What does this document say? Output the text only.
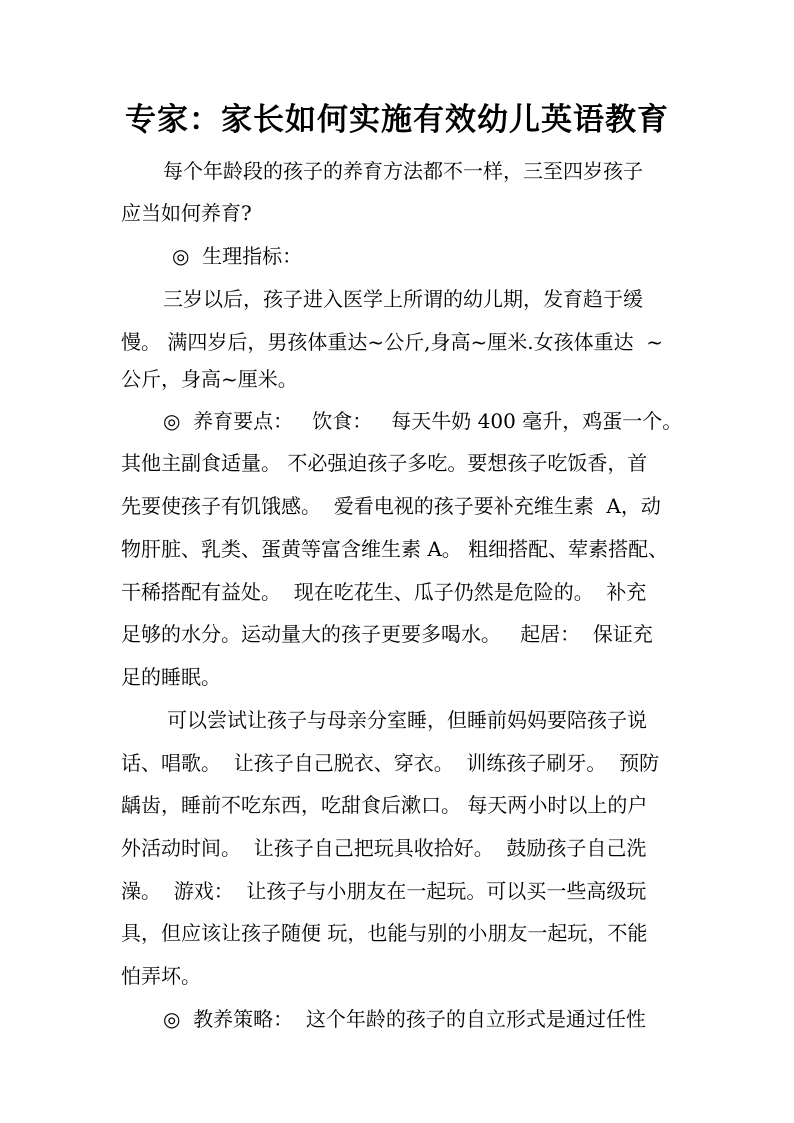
专家：家长如何实施有效幼儿英语教育
每个年龄段的孩子的养育方法都不一样，三至四岁孩子
应当如何养育?
◎  生理指标：
三岁以后，孩子进入医学上所谓的幼儿期，发育趋于缓
慢。 满四岁后，男孩体重达~公斤,身高~厘米.女孩体重达  ~
公斤，身高~厘米。
◎  养育要点：   饮食：   每天牛奶 400 毫升，鸡蛋一个。
其他主副食适量。 不必强迫孩子多吃。要想孩子吃饭香，首
先要使孩子有饥饿感。  爱看电视的孩子要补充维生素  A，动
物肝脏、乳类、蛋黄等富含维生素 A。 粗细搭配、荤素搭配、
干稀搭配有益处。  现在吃花生、瓜子仍然是危险的。  补充
足够的水分。运动量大的孩子更要多喝水。   起居：  保证充
足的睡眠。
可以尝试让孩子与母亲分室睡，但睡前妈妈要陪孩子说
话、唱歌。  让孩子自己脱衣、穿衣。  训练孩子刷牙。  预防
龋齿，睡前不吃东西，吃甜食后漱口。 每天两小时以上的户
外活动时间。  让孩子自己把玩具收拾好。  鼓励孩子自己洗
澡。  游戏：  让孩子与小朋友在一起玩。可以买一些高级玩
具，但应该让孩子随便 玩，也能与别的小朋友一起玩，不能
怕弄坏。
◎  教养策略：  这个年龄的孩子的自立形式是通过任性
